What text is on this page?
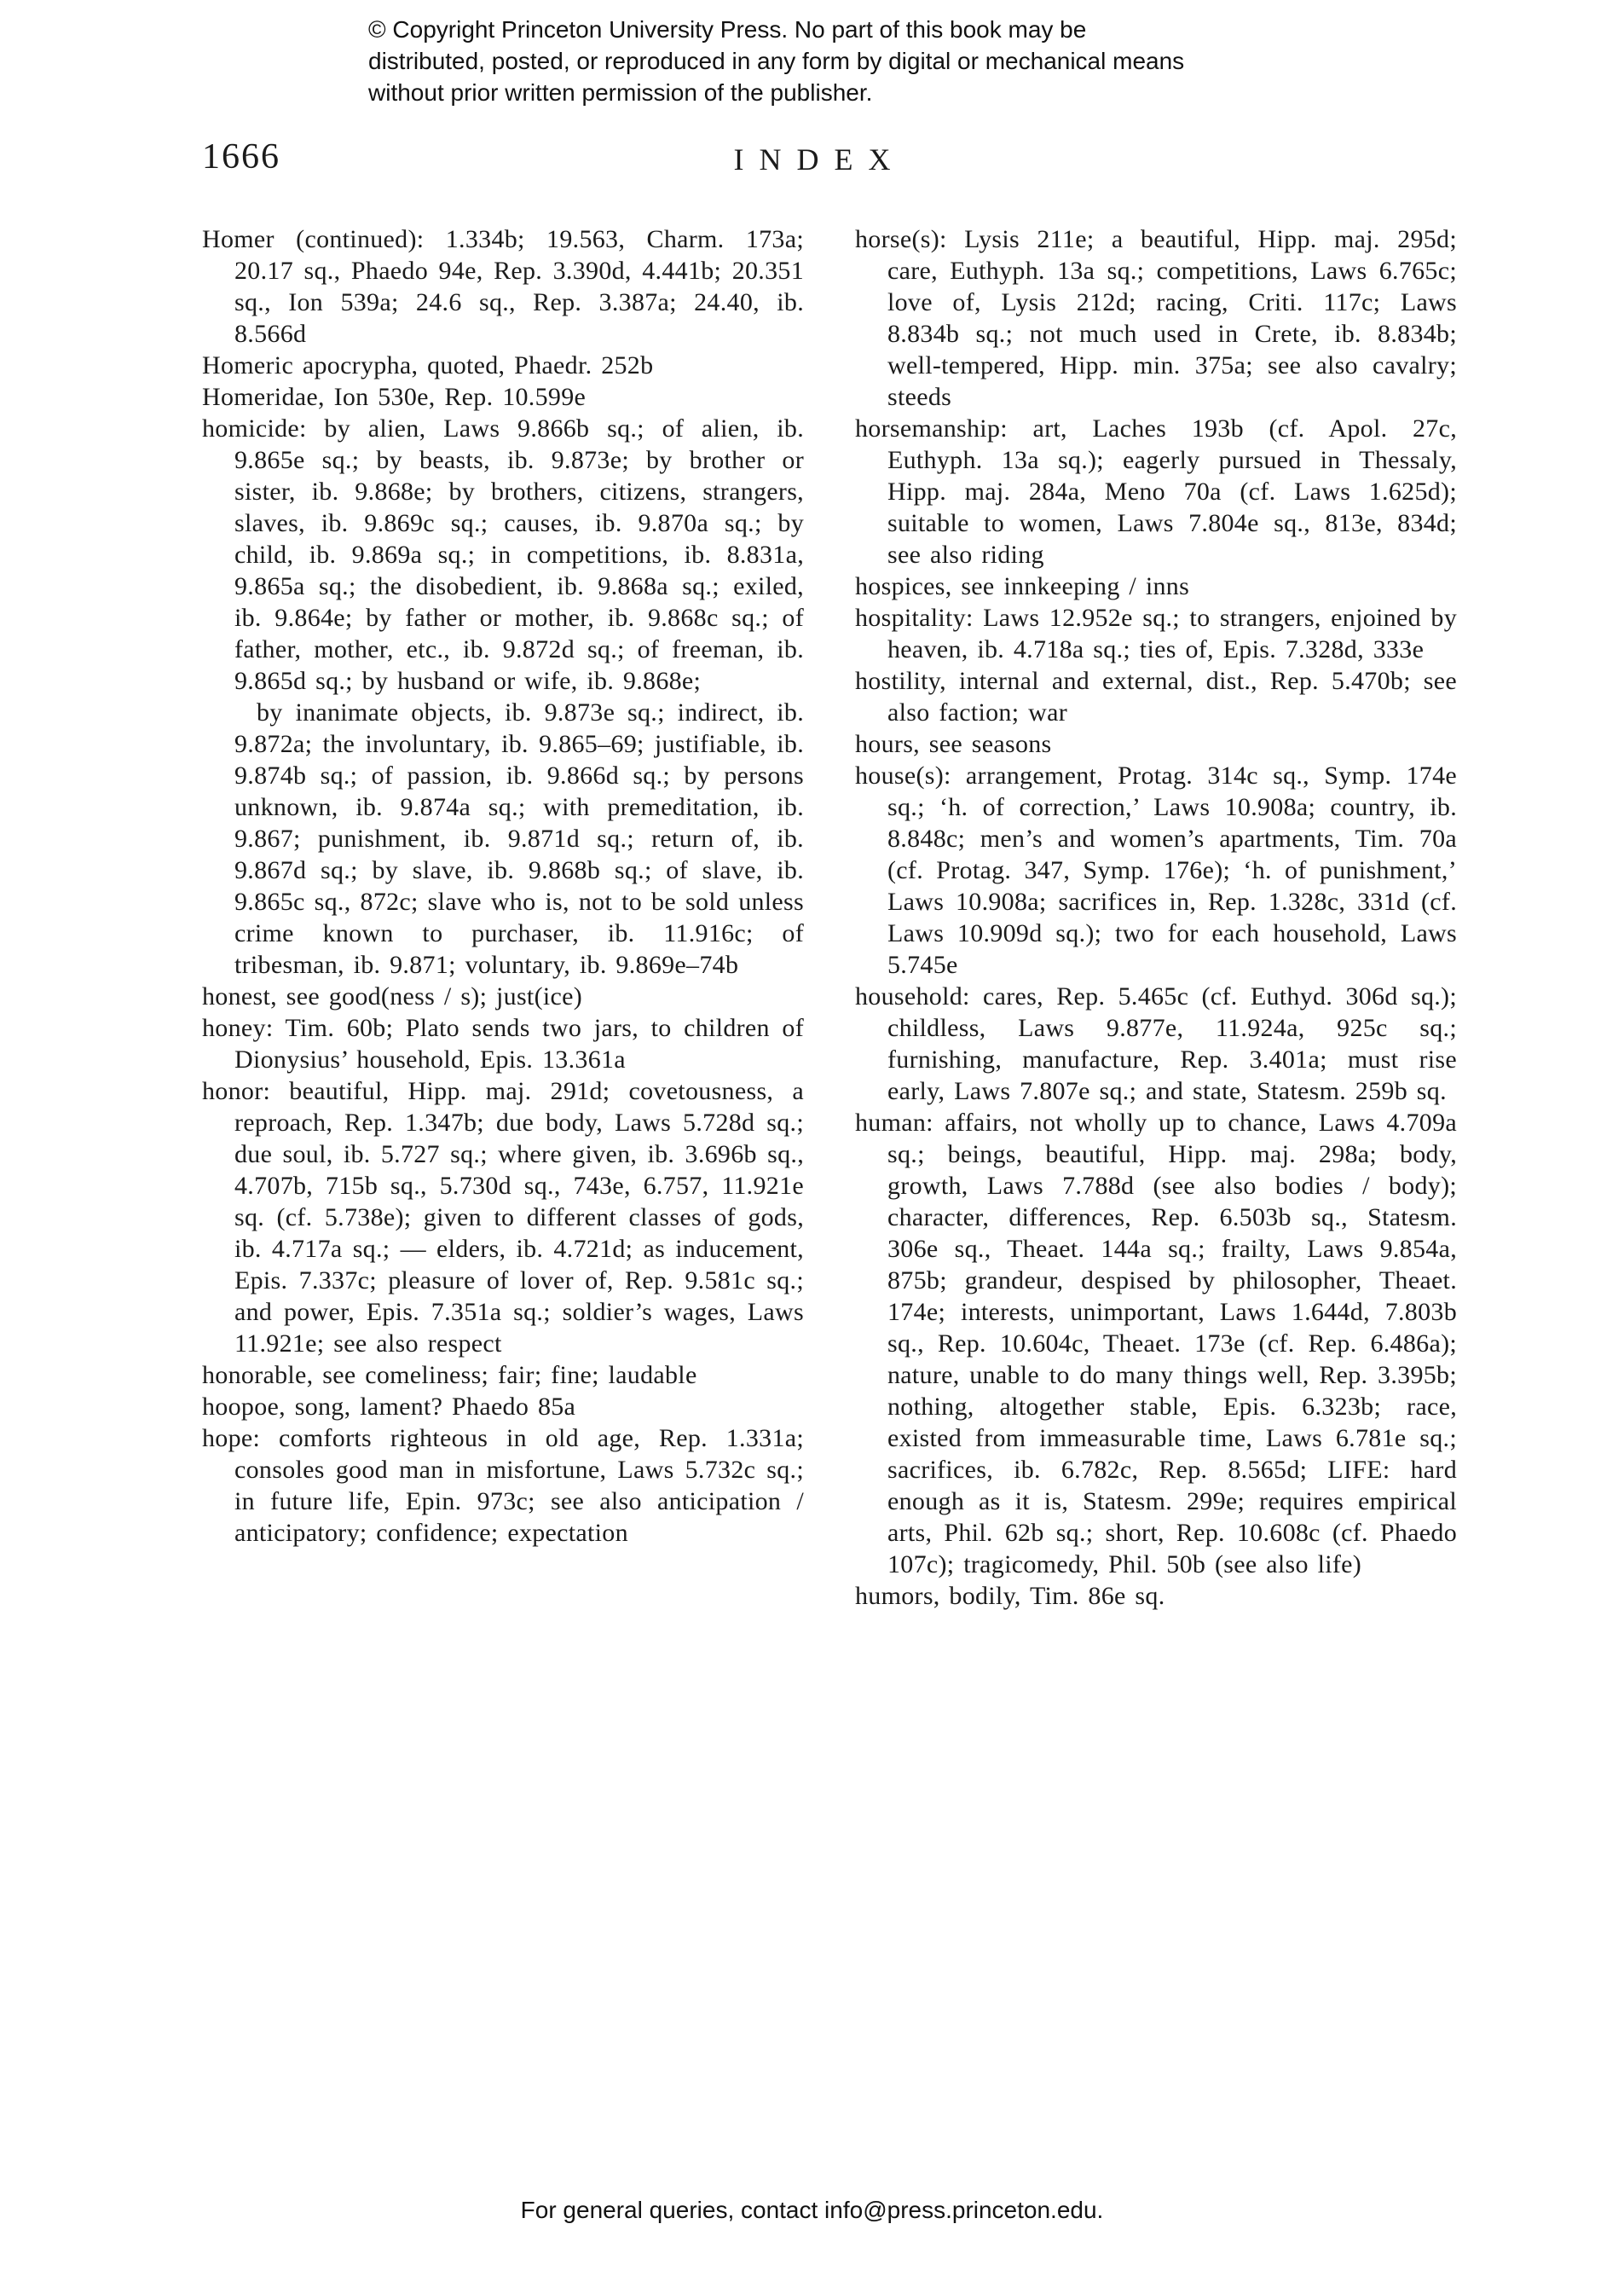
© Copyright Princeton University Press. No part of this book may be distributed, posted, or reproduced in any form by digital or mechanical means without prior written permission of the publisher.
1666	INDEX
Homer (continued): 1.334b; 19.563, Charm. 173a; 20.17 sq., Phaedo 94e, Rep. 3.390d, 4.441b; 20.351 sq., Ion 539a; 24.6 sq., Rep. 3.387a; 24.40, ib. 8.566d
Homeric apocrypha, quoted, Phaedr. 252b
Homeridae, Ion 530e, Rep. 10.599e
homicide: by alien, Laws 9.866b sq.; of alien, ib. 9.865e sq.; by beasts, ib. 9.873e; by brother or sister, ib. 9.868e; by brothers, citizens, strangers, slaves, ib. 9.869c sq.; causes, ib. 9.870a sq.; by child, ib. 9.869a sq.; in competitions, ib. 8.831a, 9.865a sq.; the disobedient, ib. 9.868a sq.; exiled, ib. 9.864e; by father or mother, ib. 9.868c sq.; of father, mother, etc., ib. 9.872d sq.; of freeman, ib. 9.865d sq.; by husband or wife, ib. 9.868e;
by inanimate objects, ib. 9.873e sq.; indirect, ib. 9.872a; the involuntary, ib. 9.865–69; justifiable, ib. 9.874b sq.; of passion, ib. 9.866d sq.; by persons unknown, ib. 9.874a sq.; with premeditation, ib. 9.867; punishment, ib. 9.871d sq.; return of, ib. 9.867d sq.; by slave, ib. 9.868b sq.; of slave, ib. 9.865c sq., 872c; slave who is, not to be sold unless crime known to purchaser, ib. 11.916c; of tribesman, ib. 9.871; voluntary, ib. 9.869e–74b
honest, see good(ness / s); just(ice)
honey: Tim. 60b; Plato sends two jars, to children of Dionysius’ household, Epis. 13.361a
honor: beautiful, Hipp. maj. 291d; covetousness, a reproach, Rep. 1.347b; due body, Laws 5.728d sq.; due soul, ib. 5.727 sq.; where given, ib. 3.696b sq., 4.707b, 715b sq., 5.730d sq., 743e, 6.757, 11.921e sq. (cf. 5.738e); given to different classes of gods, ib. 4.717a sq.; — elders, ib. 4.721d; as inducement, Epis. 7.337c; pleasure of lover of, Rep. 9.581c sq.; and power, Epis. 7.351a sq.; soldier’s wages, Laws 11.921e; see also respect
honorable, see comeliness; fair; fine; laudable
hoopoe, song, lament? Phaedo 85a
hope: comforts righteous in old age, Rep. 1.331a; consoles good man in misfortune, Laws 5.732c sq.; in future life, Epin. 973c; see also anticipation / anticipatory; confidence; expectation
horse(s): Lysis 211e; a beautiful, Hipp. maj. 295d; care, Euthyph. 13a sq.; competitions, Laws 6.765c; love of, Lysis 212d; racing, Criti. 117c; Laws 8.834b sq.; not much used in Crete, ib. 8.834b; well-tempered, Hipp. min. 375a; see also cavalry; steeds
horsemanship: art, Laches 193b (cf. Apol. 27c, Euthyph. 13a sq.); eagerly pursued in Thessaly, Hipp. maj. 284a, Meno 70a (cf. Laws 1.625d); suitable to women, Laws 7.804e sq., 813e, 834d; see also riding
hospices, see innkeeping / inns
hospitality: Laws 12.952e sq.; to strangers, enjoined by heaven, ib. 4.718a sq.; ties of, Epis. 7.328d, 333e
hostility, internal and external, dist., Rep. 5.470b; see also faction; war
hours, see seasons
house(s): arrangement, Protag. 314c sq., Symp. 174e sq.; ‘h. of correction,’ Laws 10.908a; country, ib. 8.848c; men’s and women’s apartments, Tim. 70a (cf. Protag. 347, Symp. 176e); ‘h. of punishment,’ Laws 10.908a; sacrifices in, Rep. 1.328c, 331d (cf. Laws 10.909d sq.); two for each household, Laws 5.745e
household: cares, Rep. 5.465c (cf. Euthyd. 306d sq.); childless, Laws 9.877e, 11.924a, 925c sq.; furnishing, manufacture, Rep. 3.401a; must rise early, Laws 7.807e sq.; and state, Statesm. 259b sq.
human: affairs, not wholly up to chance, Laws 4.709a sq.; beings, beautiful, Hipp. maj. 298a; body, growth, Laws 7.788d (see also bodies / body); character, differences, Rep. 6.503b sq., Statesm. 306e sq., Theaet. 144a sq.; frailty, Laws 9.854a, 875b; grandeur, despised by philosopher, Theaet. 174e; interests, unimportant, Laws 1.644d, 7.803b sq., Rep. 10.604c, Theaet. 173e (cf. Rep. 6.486a); nature, unable to do many things well, Rep. 3.395b; nothing, altogether stable, Epis. 6.323b; race, existed from immeasurable time, Laws 6.781e sq.; sacrifices, ib. 6.782c, Rep. 8.565d; LIFE: hard enough as it is, Statesm. 299e; requires empirical arts, Phil. 62b sq.; short, Rep. 10.608c (cf. Phaedo 107c); tragicomedy, Phil. 50b (see also life)
humors, bodily, Tim. 86e sq.
For general queries, contact info@press.princeton.edu.
